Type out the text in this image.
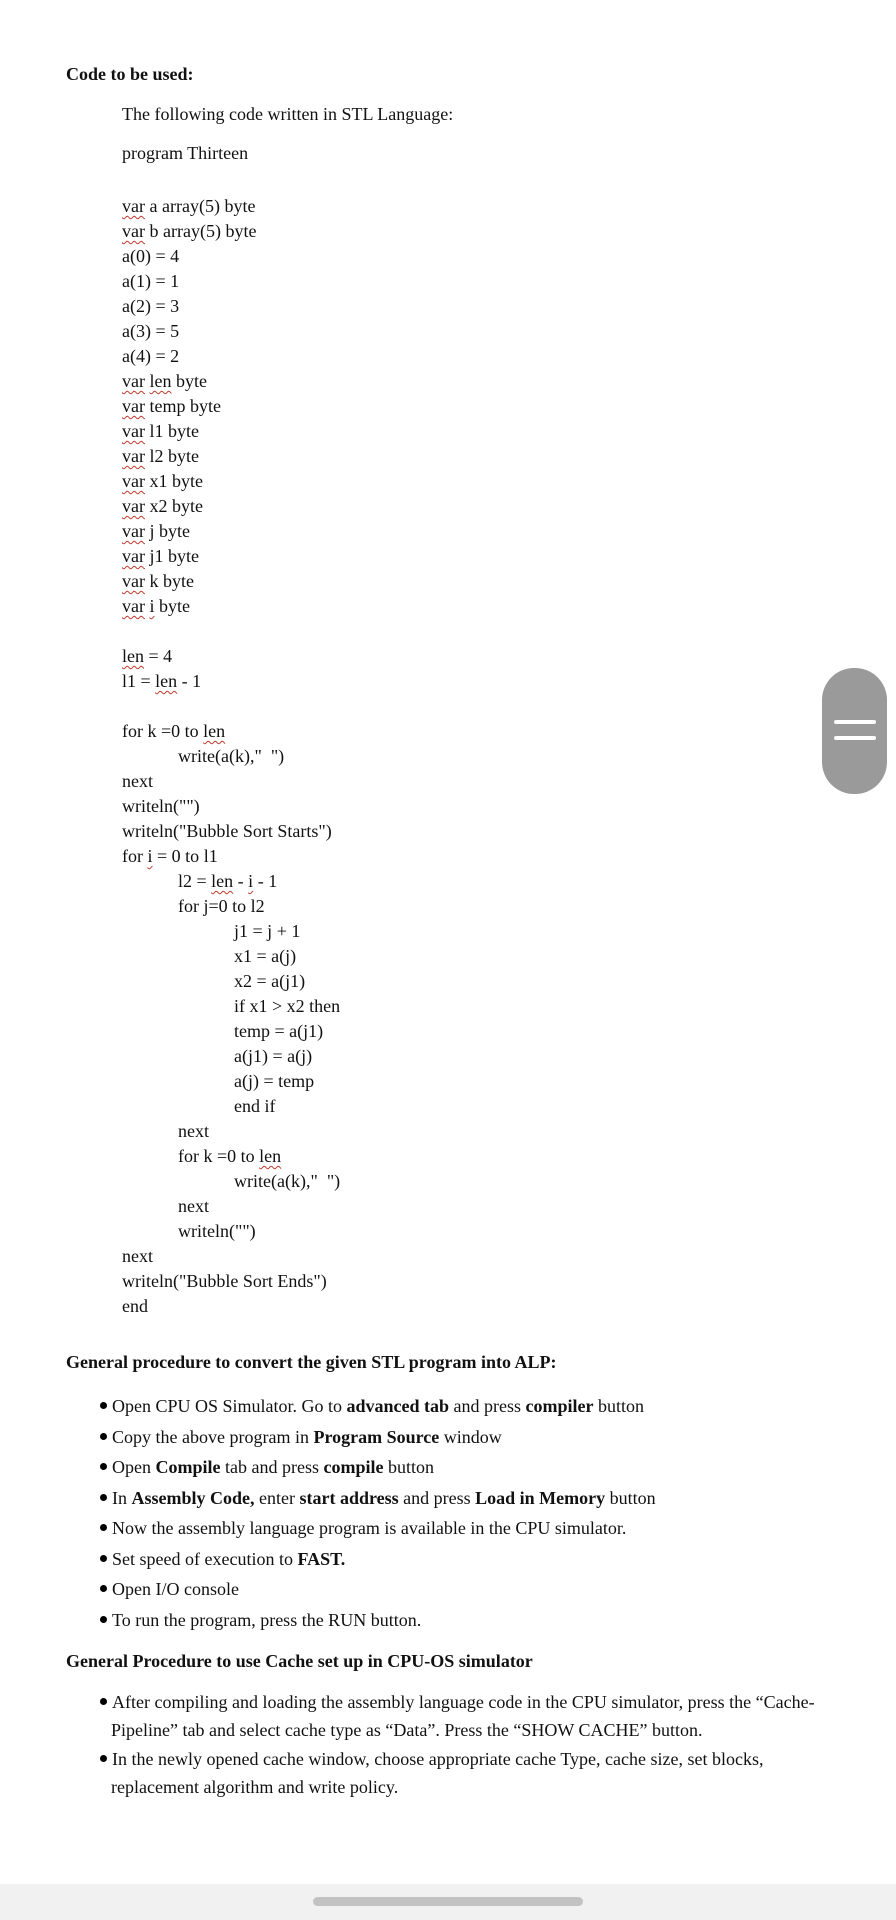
Code to be used:
The following code written in STL Language:
program Thirteen
var a array(5) byte
var b array(5) byte
a(0) = 4
a(1) = 1
a(2) = 3
a(3) = 5
a(4) = 2
var len byte
var temp byte
var l1 byte
var l2 byte
var x1 byte
var x2 byte
var j byte
var j1 byte
var k byte
var i byte
len = 4
l1 = len - 1
for k =0 to len
write(a(k)," ")
next
writeln("")
writeln("Bubble Sort Starts")
for i = 0 to l1
l2 = len - i - 1
for j=0 to l2
j1 = j + 1
x1 = a(j)
x2 = a(j1)
if x1 > x2 then
temp = a(j1)
a(j1) = a(j)
a(j) = temp
end if
next
for k =0 to len
write(a(k)," ")
next
writeln("")
next
writeln("Bubble Sort Ends")
end
General procedure to convert the given STL program into ALP:
Open CPU OS Simulator. Go to advanced tab and press compiler button
Copy the above program in Program Source window
Open Compile tab and press compile button
In Assembly Code, enter start address and press Load in Memory button
Now the assembly language program is available in the CPU simulator.
Set speed of execution to FAST.
Open I/O console
To run the program, press the RUN button.
General Procedure to use Cache set up in CPU-OS simulator
After compiling and loading the assembly language code in the CPU simulator, press the “Cache-Pipeline” tab and select cache type as “Data”. Press the “SHOW CACHE” button.
In the newly opened cache window, choose appropriate cache Type, cache size, set blocks, replacement algorithm and write policy.
